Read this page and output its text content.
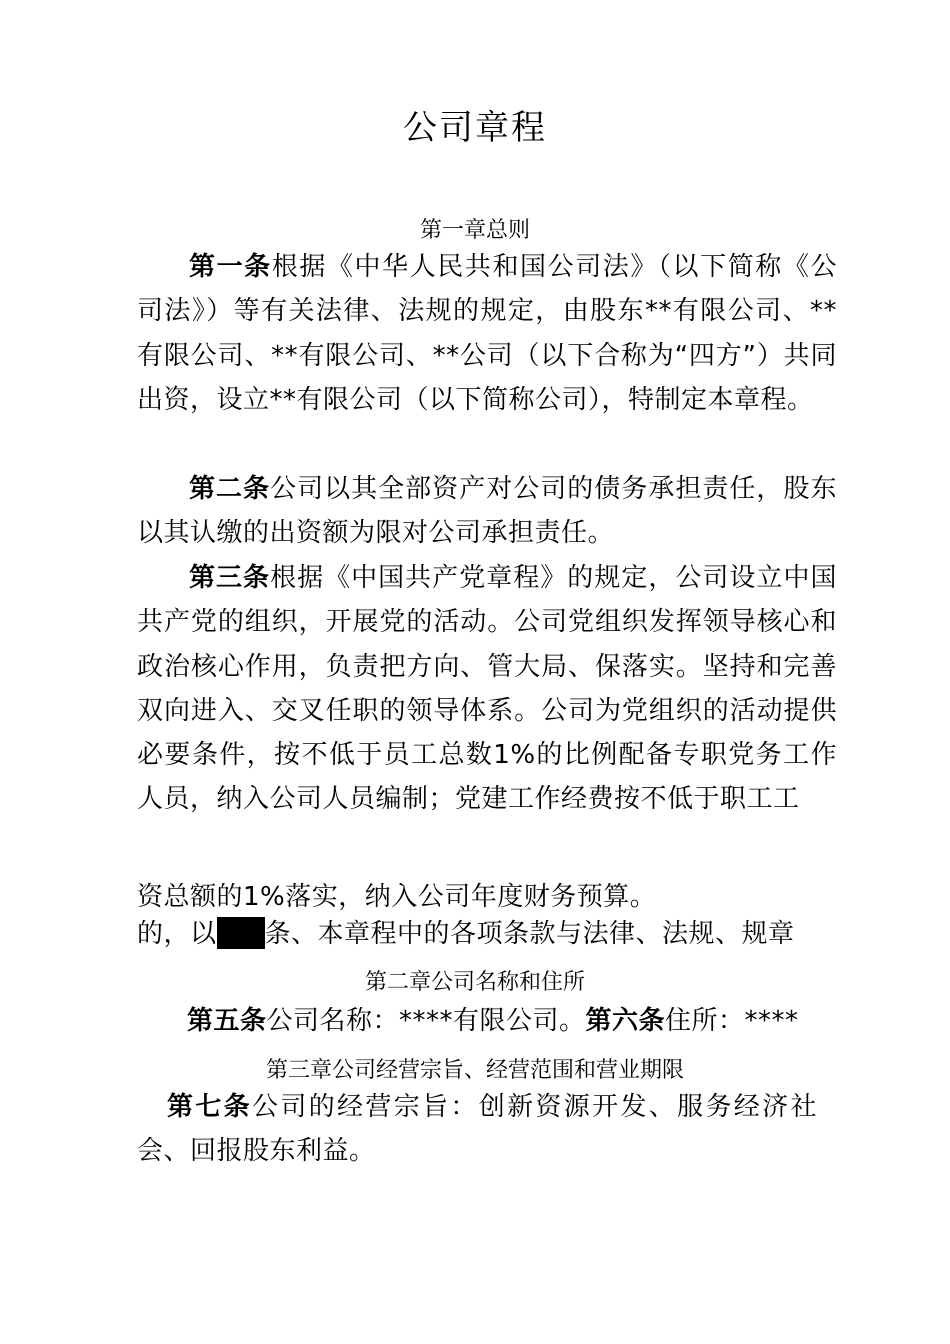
公司章程
第一章总则
第一条根据《中华人民共和国公司法》（以下简称《公司法》）等有关法律、法规的规定，由股东**有限公司、**有限公司、**有限公司、**公司（以下合称为“四方”）共同出资，设立**有限公司（以下简称公司），特制定本章程。
第二条公司以其全部资产对公司的债务承担责任，股东以其认缴的出资额为限对公司承担责任。
第三条根据《中国共产党章程》的规定，公司设立中国共产党的组织，开展党的活动。公司党组织发挥领导核心和政治核心作用，负责把方向、管大局、保落实。坚持和完善双向进入、交叉任职的领导体系。公司为党组织的活动提供必要条件，按不低于员工总数1%的比例配备专职党务工作人员，纳入公司人员编制；党建工作经费按不低于职工工
资总额的1%落实，纳入公司年度财务预算。
的，以四 条、本章程中的各项条款与法律、法规、规章
第二章公司名称和住所
第五条公司名称：****有限公司。第六条住所：****
第三章公司经营宗旨、经营范围和营业期限
第七条公司的经营宗旨：创新资源开发、服务经济社会、回报股东利益。
